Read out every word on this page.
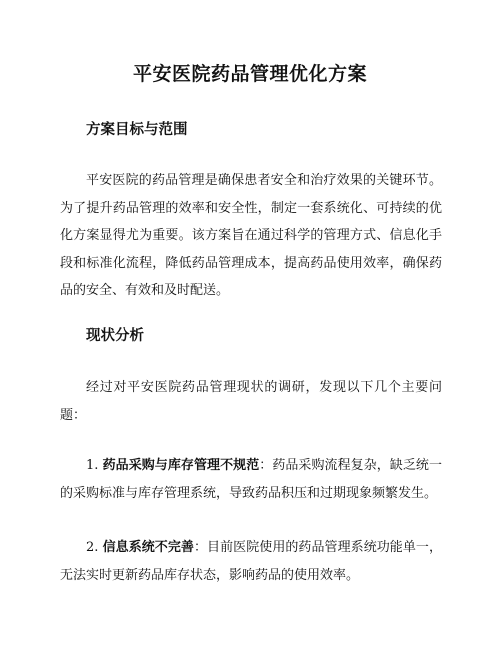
平安医院药品管理优化方案
方案目标与范围

平安医院的药品管理是确保患者安全和治疗效果的关键环节。为了提升药品管理的效率和安全性，制定一套系统化、可持续的优化方案显得尤为重要。该方案旨在通过科学的管理方式、信息化手段和标准化流程，降低药品管理成本，提高药品使用效率，确保药品的安全、有效和及时配送。

现状分析

经过对平安医院药品管理现状的调研，发现以下几个主要问题：

1. 药品采购与库存管理不规范：药品采购流程复杂，缺乏统一的采购标准与库存管理系统，导致药品积压和过期现象频繁发生。

2. 信息系统不完善：目前医院使用的药品管理系统功能单一，无法实时更新药品库存状态，影响药品的使用效率。
